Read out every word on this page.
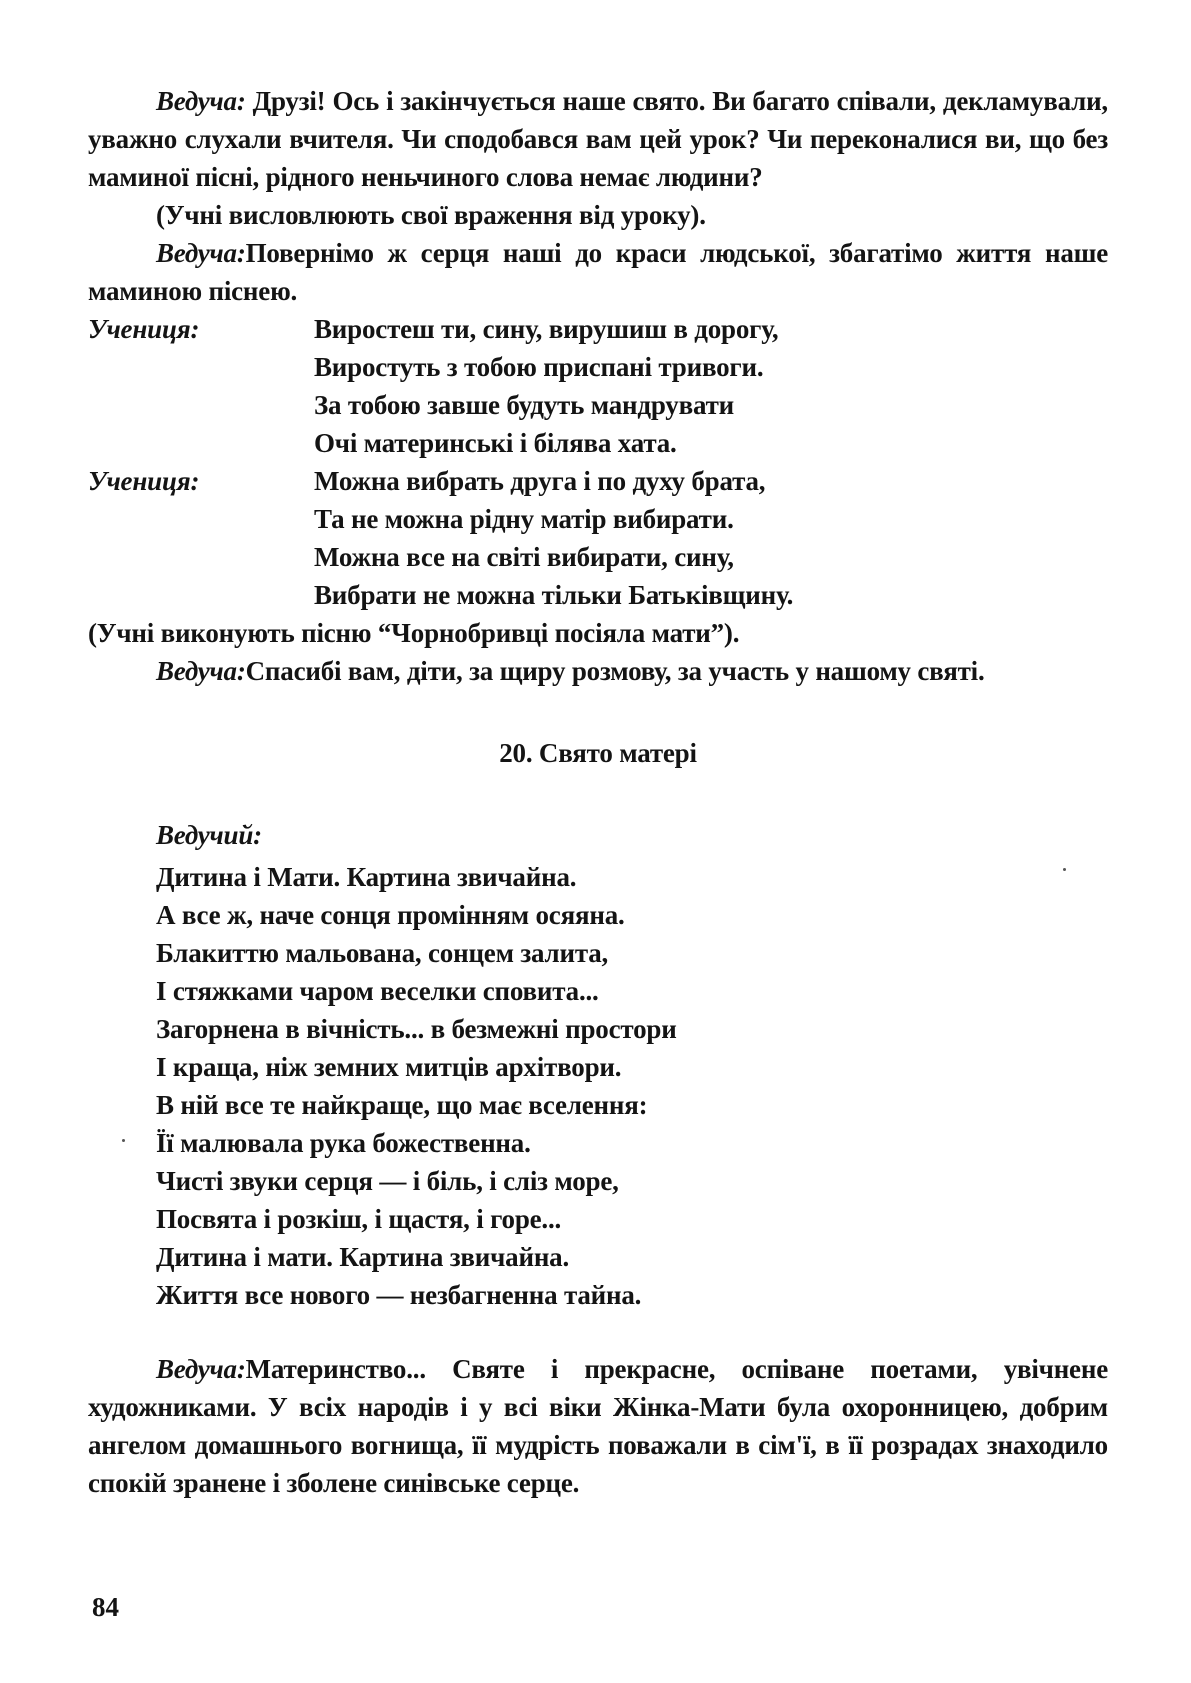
Ведуча: Друзі! Ось і закінчується наше свято. Ви багато співали, декламували, уважно слухали вчителя. Чи сподобався вам цей урок? Чи переконалися ви, що без маминої пісні, рідного неньчиного слова немає людини?

(Учні висловлюють свої враження від уроку).

Ведуча:Повернімо ж серця наші до краси людської, збагатімо життя наше маминою піснею.

Учениця:	Виростеш ти, сину, вирушиш в дорогу,
Виростуть з тобою приспані тривоги.
За тобою завше будуть мандрувати
Очі материнські і білява хата.
Учениця:	Можна вибрать друга і по духу брата,
Та не можна рідну матір вибирати.
Можна все на світі вибирати, сину,
Вибрати не можна тільки Батьківщину.

(Учні виконують пісню “Чорнобривці посіяла мати”).

Ведуча:Спасибі вам, діти, за щиру розмову, за участь у нашому святі.

20. Свято матері
Ведучий:
Дитина і Мати. Картина звичайна.
А все ж, наче сонця промінням осяяна.
Блакиттю мальована, сонцем залита,
І стяжками чаром веселки сповита...
Загорнена в вічність... в безмежні простори
І краща, ніж земних митців архітвори.
В ній все те найкраще, що має вселення:
Її малювала рука божественна.
Чисті звуки серця — і біль, і сліз море,
Посвята і розкіш, і щастя, і горе...
Дитина і мати. Картина звичайна.
Життя все нового — незбагненна тайна.

Ведуча:Материнство... Святе і прекрасне, оспіване поетами, увічнене художниками. У всіх народів і у всі віки Жінка-Мати була охоронницею, добрим ангелом домашнього вогнища, її мудрість поважали в сім'ї, в її розрадах знаходило спокій зранене і зболене синівське серце.

84
